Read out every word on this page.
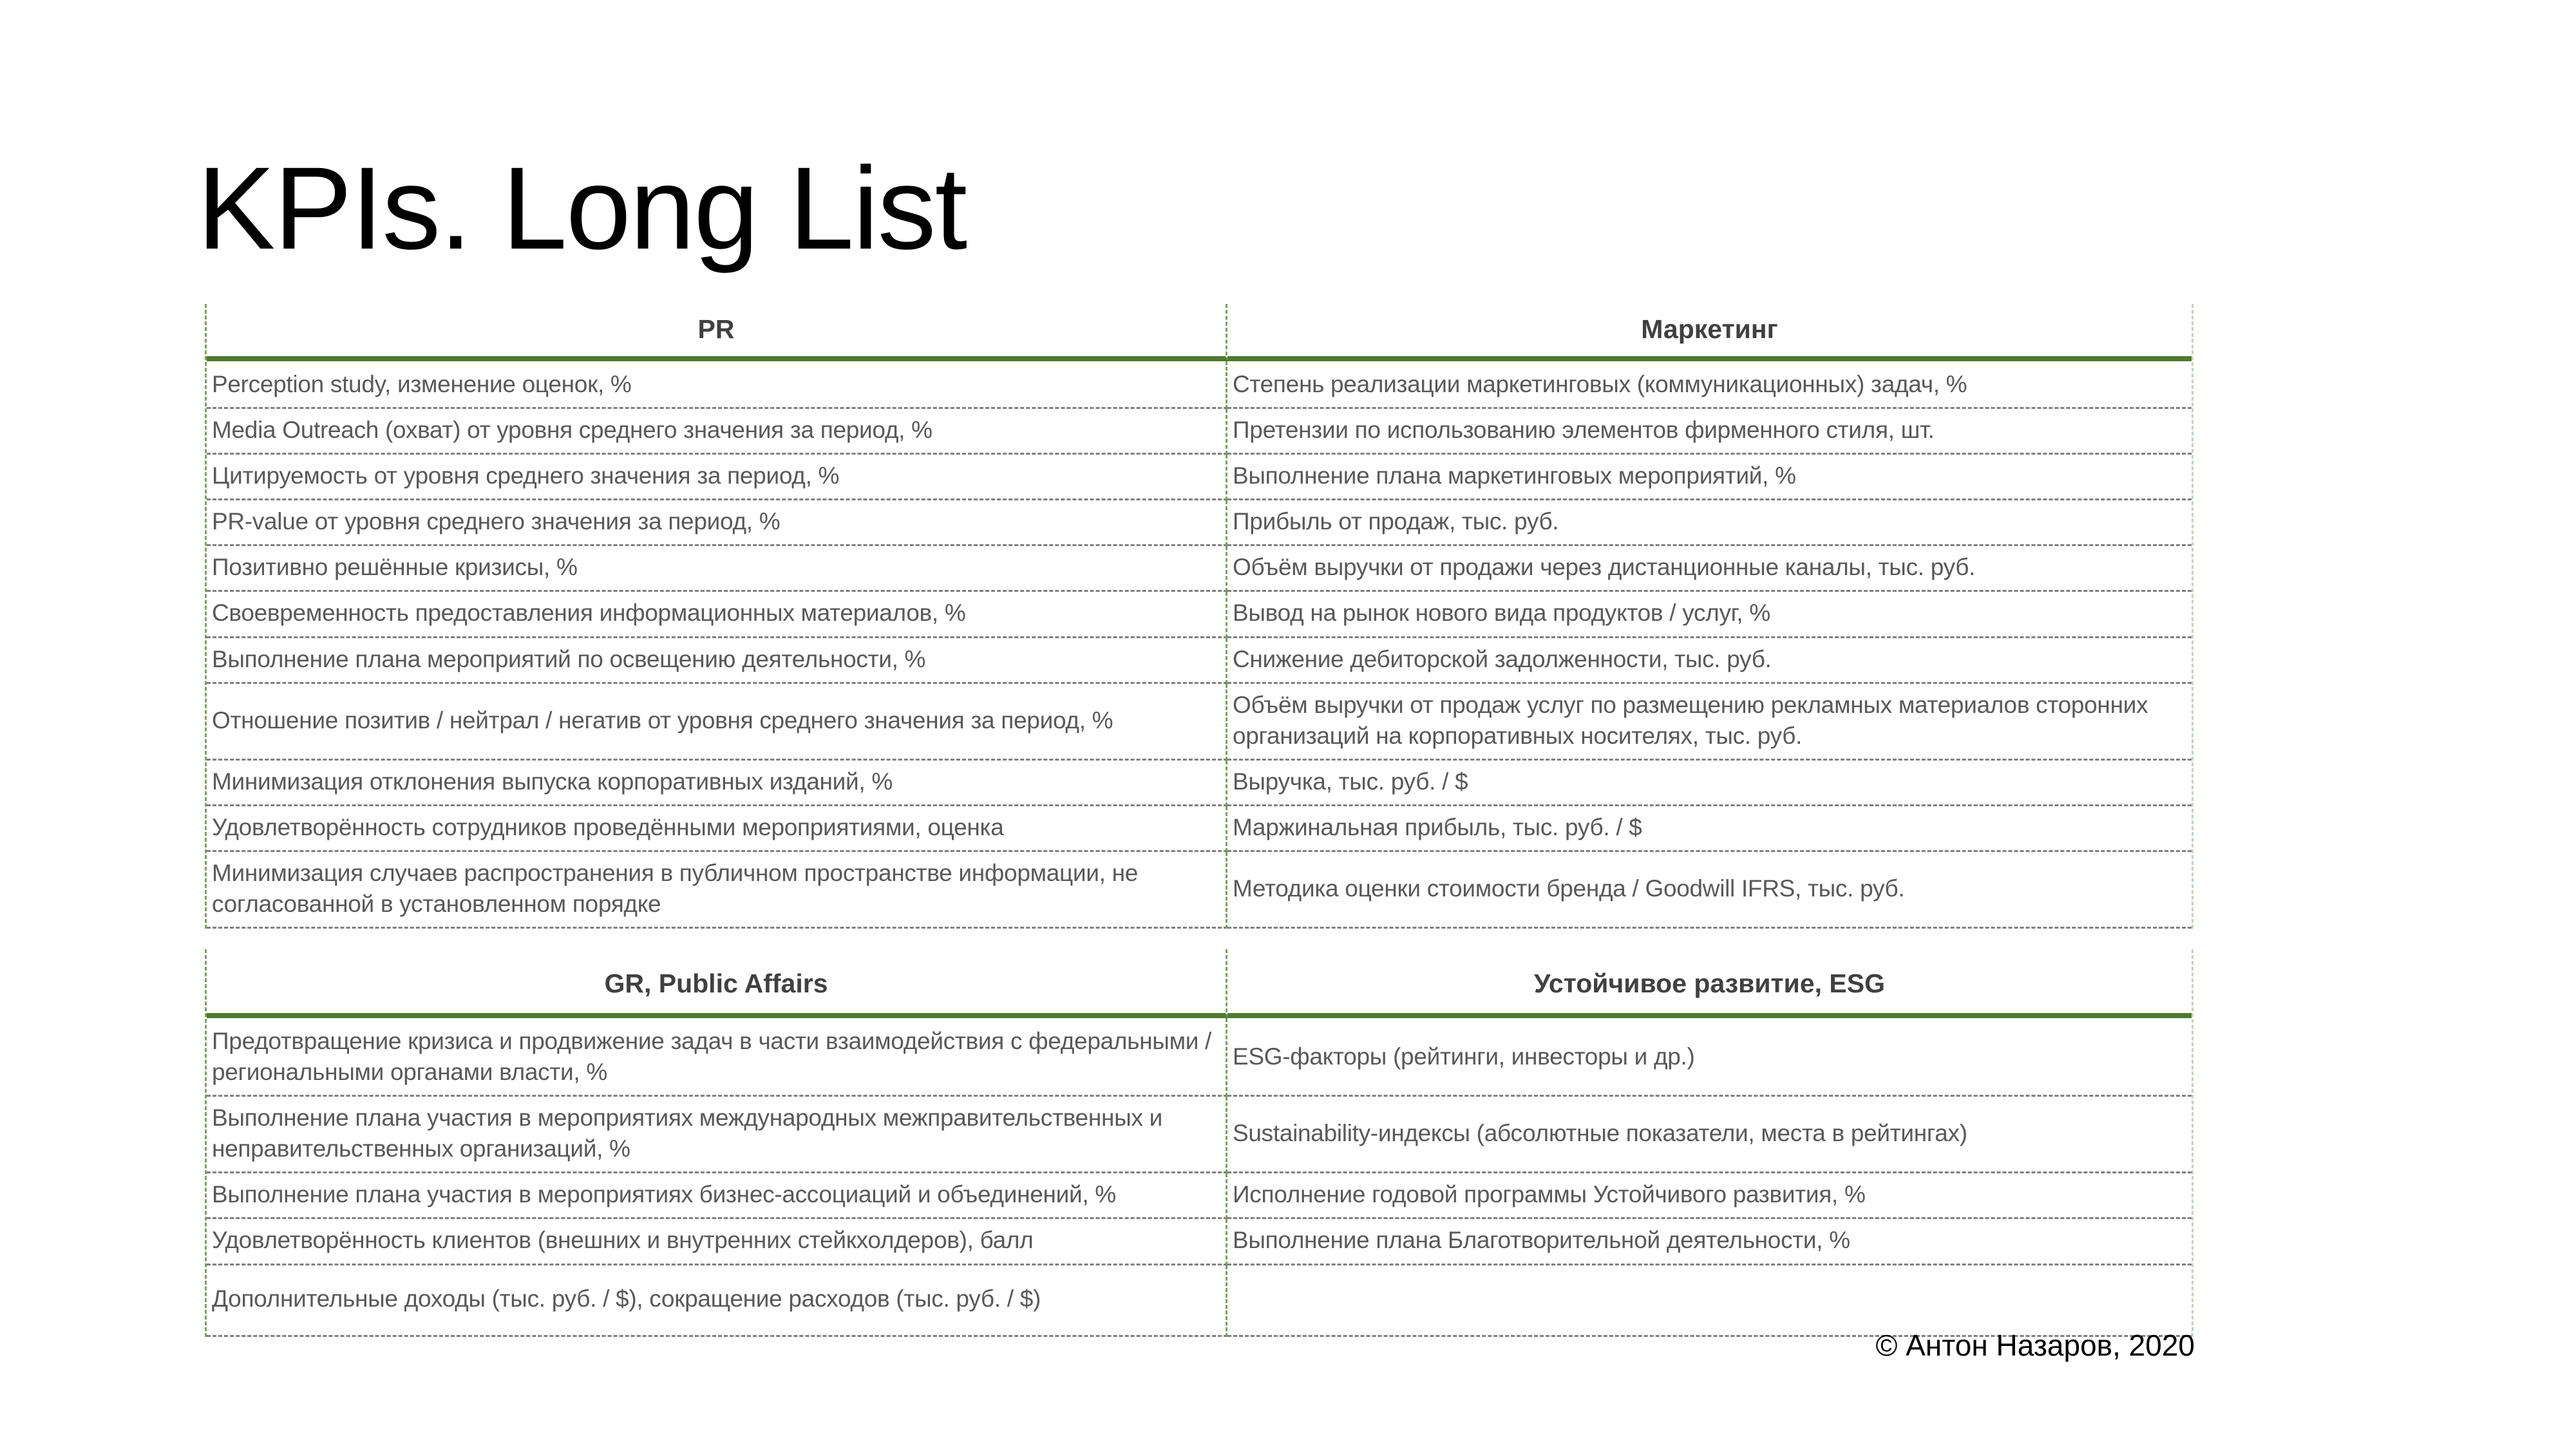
KPIs. Long List
PR	Маркетинг
Perception study, изменение оценок, %	Степень реализации маркетинговых (коммуникационных) задач, %
Media Outreach (охват) от уровня среднего значения за период, %	Претензии по использованию элементов фирменного стиля, шт.
Цитируемость от уровня среднего значения за период, %	Выполнение плана маркетинговых мероприятий, %
PR-value от уровня среднего значения за период, %	Прибыль от продаж, тыс. руб.
Позитивно решённые кризисы, %	Объём выручки от продажи через дистанционные каналы, тыс. руб.
Своевременность предоставления информационных материалов, %	Вывод на рынок нового вида продуктов / услуг, %
Выполнение плана мероприятий по освещению деятельности, %	Снижение дебиторской задолженности, тыс. руб.
Отношение позитив / нейтрал / негатив от уровня среднего значения за период, %	Объём выручки от продаж услуг по размещению рекламных материалов сторонних организаций на корпоративных носителях, тыс. руб.
Минимизация отклонения выпуска корпоративных изданий, %	Выручка, тыс. руб. / $
Удовлетворённость сотрудников проведёнными мероприятиями, оценка	Маржинальная прибыль, тыс. руб. / $
Минимизация случаев распространения в публичном пространстве информации, не согласованной в установленном порядке	Методика оценки стоимости бренда / Goodwill IFRS, тыс. руб.
GR, Public Affairs	Устойчивое развитие, ESG
Предотвращение кризиса и продвижение задач в части взаимодействия с федеральными / региональными органами власти, %	ESG-факторы (рейтинги, инвесторы и др.)
Выполнение плана участия в мероприятиях международных межправительственных и неправительственных организаций, %	Sustainability-индексы (абсолютные показатели, места в рейтингах)
Выполнение плана участия в мероприятиях бизнес-ассоциаций и объединений, %	Исполнение годовой программы Устойчивого развития, %
Удовлетворённость клиентов (внешних и внутренних стейкхолдеров), балл	Выполнение плана Благотворительной деятельности, %
Дополнительные доходы (тыс. руб. / $), сокращение расходов (тыс. руб. / $)	
© Антон Назаров, 2020
